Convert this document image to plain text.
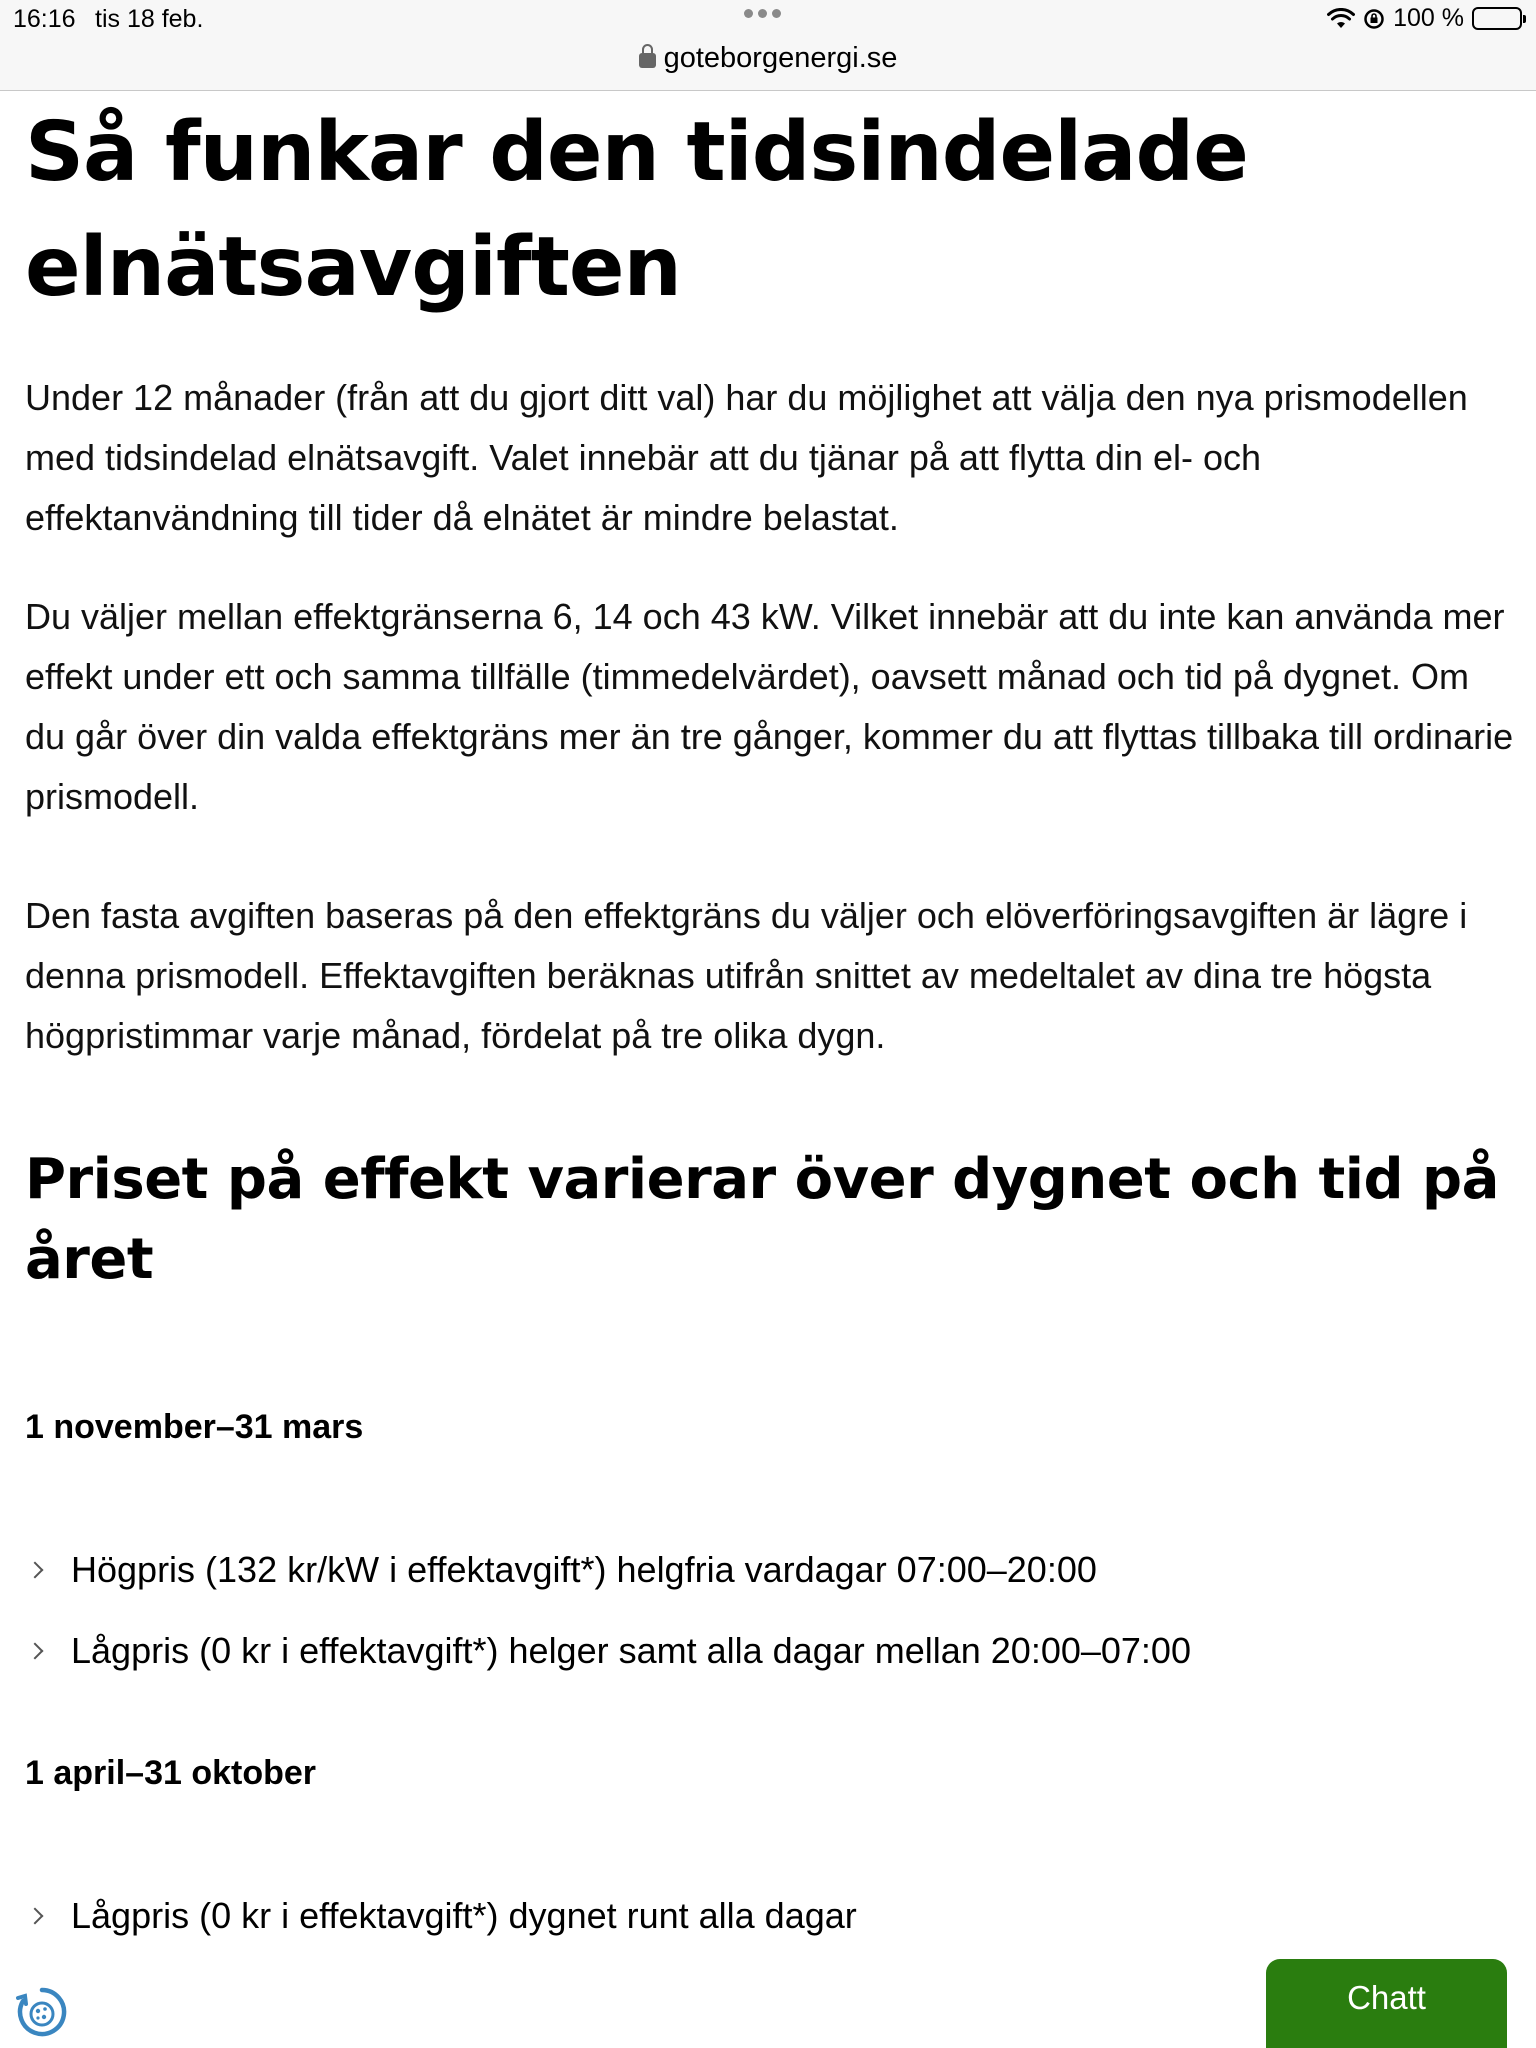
16:16 tis 18 feb.	100 %
goteborgenergi.se
Så funkar den tidsindelade elnätsavgiften

Under 12 månader (från att du gjort ditt val) har du möjlighet att välja den nya prismodellen med tidsindelad elnätsavgift. Valet innebär att du tjänar på att flytta din el- och effektanvändning till tider då elnätet är mindre belastat.

Du väljer mellan effektgränserna 6, 14 och 43 kW. Vilket innebär att du inte kan använda mer effekt under ett och samma tillfälle (timmedelvärdet), oavsett månad och tid på dygnet. Om du går över din valda effektgräns mer än tre gånger, kommer du att flyttas tillbaka till ordinarie prismodell.

Den fasta avgiften baseras på den effektgräns du väljer och elöverföringsavgiften är lägre i denna prismodell. Effektavgiften beräknas utifrån snittet av medeltalet av dina tre högsta högpristimmar varje månad, fördelat på tre olika dygn.

Priset på effekt varierar över dygnet och tid på året
1 november–31 mars
Högpris (132 kr/kW i effektavgift*) helgfria vardagar 07:00–20:00
Lågpris (0 kr i effektavgift*) helger samt alla dagar mellan 20:00–07:00
1 april–31 oktober
Lågpris (0 kr i effektavgift*) dygnet runt alla dagar
Chatt
